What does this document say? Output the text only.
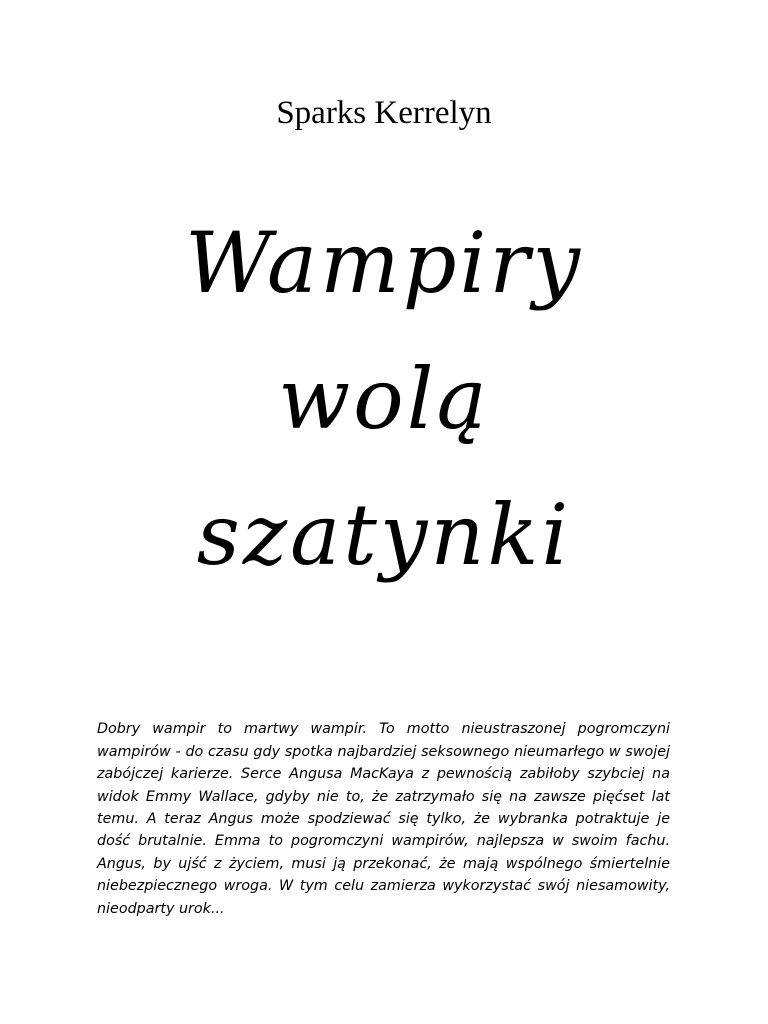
Sparks Kerrelyn
Wampiry
wolą
szatynki

Dobry wampir to martwy wampir. To motto nieustraszonej pogromczyni wampirów - do czasu gdy spotka najbardziej seksownego nieumarłego w swojej zabójczej karierze. Serce Angusa MacKaya z pewnością zabiłoby szybciej na widok Emmy Wallace, gdyby nie to, że zatrzymało się na zawsze pięćset lat temu. A teraz Angus może spodziewać się tylko, że wybranka potraktuje je dość brutalnie. Emma to pogromczyni wampirów, najlepsza w swoim fachu. Angus, by ujść z życiem, musi ją przekonać, że mają wspólnego śmiertelnie niebezpiecznego wroga. W tym celu zamierza wykorzystać swój niesamowity, nieodparty urok...
